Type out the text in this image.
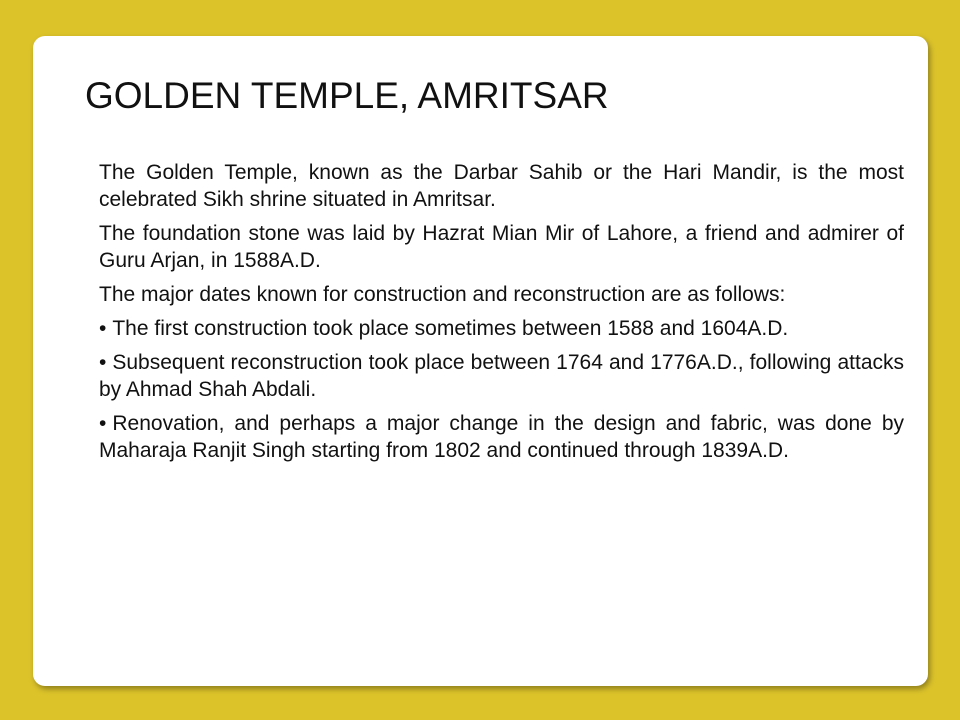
GOLDEN TEMPLE, AMRITSAR

The Golden Temple, known as the Darbar Sahib or the Hari Mandir, is the most celebrated Sikh shrine situated in Amritsar.

The foundation stone was laid by Hazrat Mian Mir of Lahore, a friend and admirer of Guru Arjan, in 1588A.D.

The major dates known for construction and reconstruction are as follows:

• The first construction took place sometimes between 1588 and 1604A.D.

• Subsequent reconstruction took place between 1764 and 1776A.D., following attacks by Ahmad Shah Abdali.

• Renovation, and perhaps a major change in the design and fabric, was done by Maharaja Ranjit Singh starting from 1802 and continued through 1839A.D.
